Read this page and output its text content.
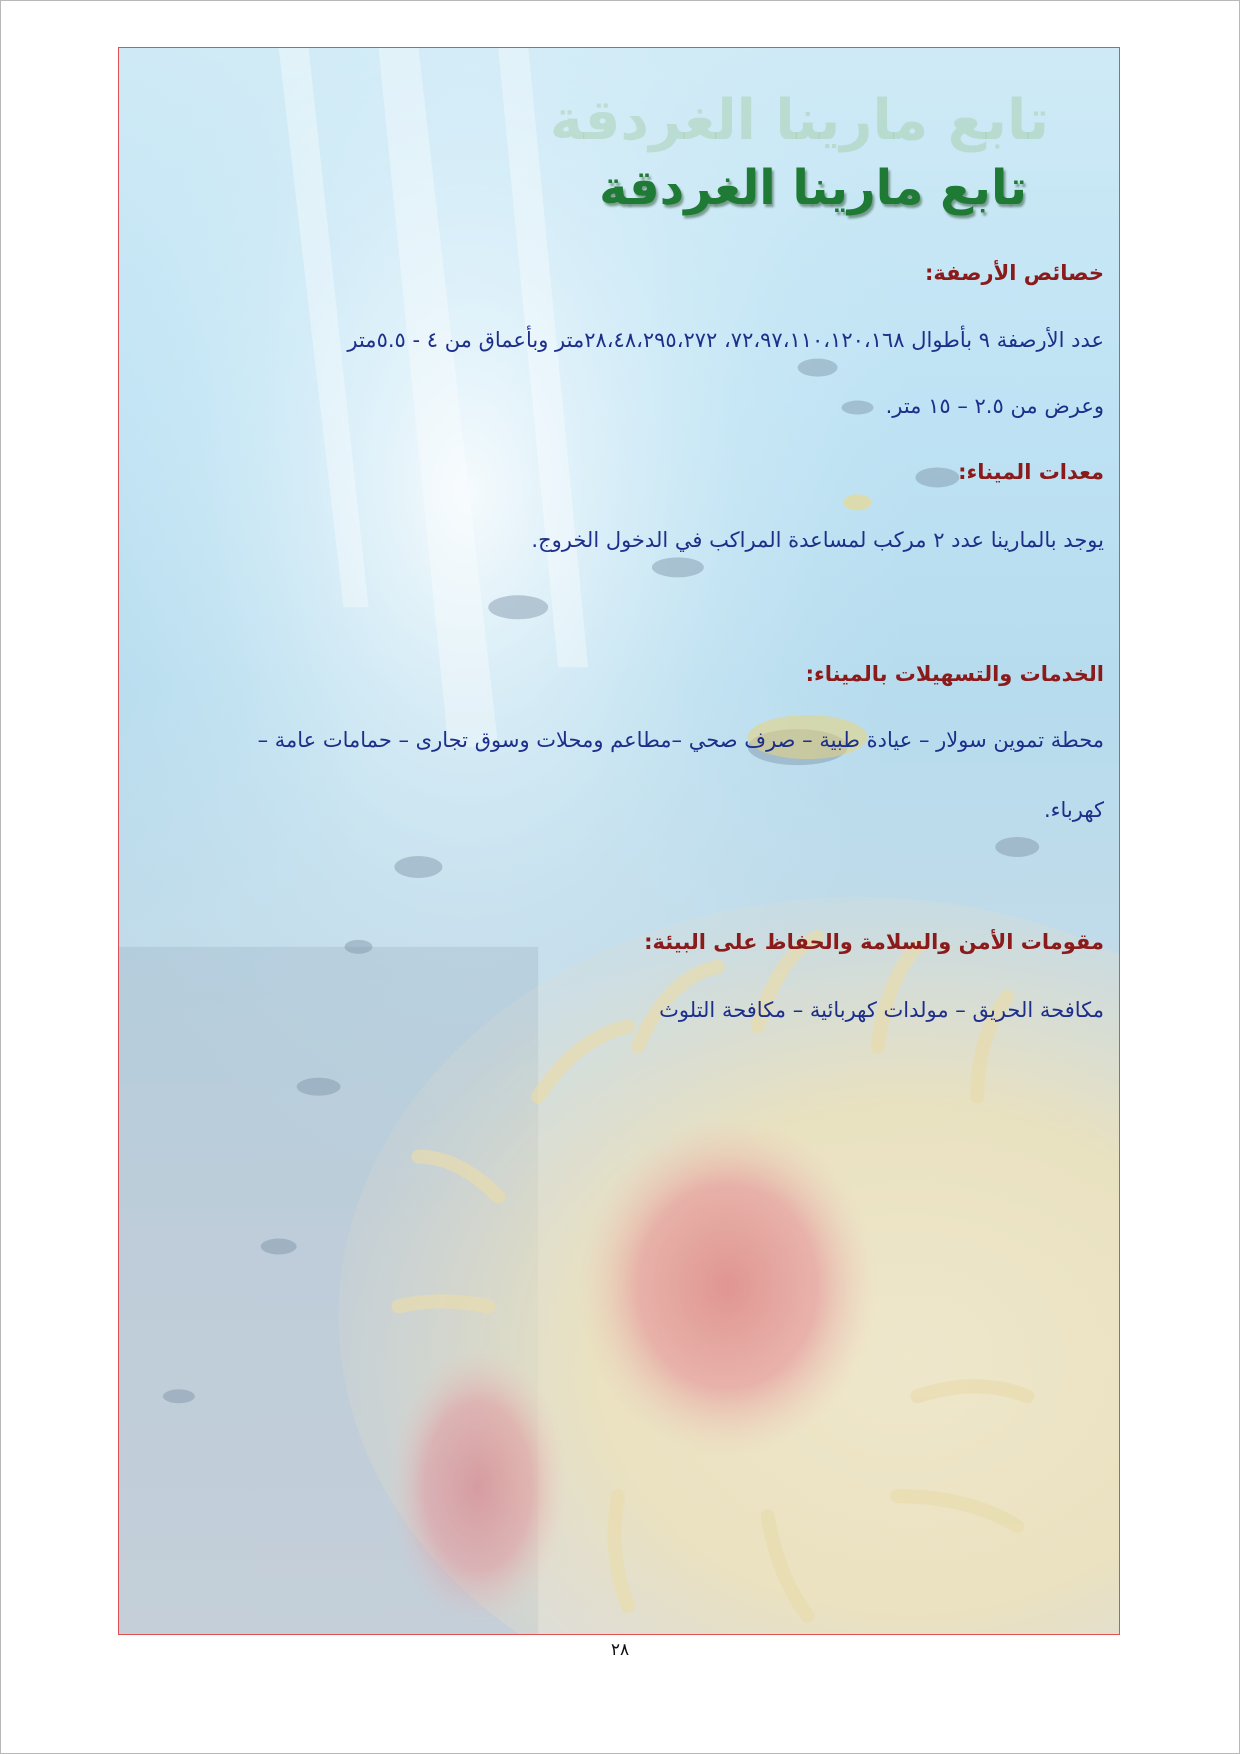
تابع مارينا الغردقة
تابع مارينا الغردقة
خصائص الأرصفة:
عدد الأرصفة ٩ بأطوال ٧٢،٩٧،١١٠،١٢٠،١٦٨، ٢٨،٤٨،٢٩٥،٢٧٢متر وبأعماق من ٤ - ٥.٥متر
وعرض من ٢.٥ – ١٥ متر.
معدات الميناء:
يوجد بالمارينا عدد ٢ مركب لمساعدة المراكب في الدخول الخروج.
الخدمات والتسهيلات بالميناء:
محطة تموين سولار – عيادة طبية – صرف صحي –مطاعم ومحلات وسوق تجارى – حمامات عامة –
كهرباء.
مقومات الأمن والسلامة والحفاظ على البيئة:
مكافحة الحريق – مولدات كهربائية – مكافحة التلوث
٢٨
